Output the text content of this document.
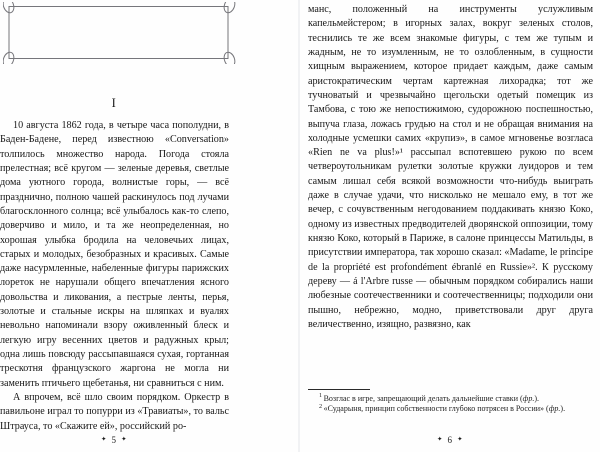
I

10 августа 1862 года, в четыре часа пополудни, в Баден-Бадене, перед известною «Conversation» толпилось множество народа. Погода стояла прелестная; всё кругом — зеленые деревья, светлые дома уютного города, волнистые горы, — всё празднично, полною чашей раскинулось под лучами благосклонного солнца; всё улыбалось как-то слепо, доверчиво и мило, и та же неопределенная, но хорошая улыбка бродила на человечьих лицах, старых и молодых, безобразных и красивых. Самые даже насурмленные, набеленные фигуры парижских лореток не нарушали общего впечатления ясного довольства и ликования, а пестрые ленты, перья, золотые и стальные искры на шляпках и вуалях невольно напоминали взору оживленный блеск и легкую игру весенних цветов и радужных крыл; одна лишь повсюду рассыпавшаяся сухая, гортанная трескотня французского жаргона не могла ни заменить птичьего щебетанья, ни сравниться с ним.

А впрочем, всё шло своим порядком. Оркестр в павильоне играл то попурри из «Травиаты», то вальс Штрауса, то «Скажите ей», российский ро-

✦ 5 ✦

манс, положенный на инструменты услужливым капельмейстером; в игорных залах, вокруг зеленых столов, теснились те же всем знакомые фигуры, с тем же тупым и жадным, не то изумленным, не то озлобленным, в сущности хищным выражением, которое придает каждым, даже самым аристократическим чертам картежная лихорадка; тот же тучноватый и чрезвычайно щегольски одетый помещик из Тамбова, с тою же непостижимою, судорожною поспешностью, выпуча глаза, ложась грудью на стол и не обращая внимания на холодные усмешки самих «крупиэ», в самое мгновенье возгласа «Rien ne va plus!»¹ рассыпал вспотевшею рукою по всем четвероутольникам рулетки золотые кружки луидоров и тем самым лишал себя всякой возможности что-нибудь выиграть даже в случае удачи, что нисколько не мешало ему, в тот же вечер, с сочувственным негодованием поддакивать князю Коко, одному из известных предводителей дворянской оппозиции, тому князю Коко, который в Париже, в салоне принцессы Матильды, в присутствии императора, так хорошо сказал: «Madame, le principe de la propriété est profondément ébranlé en Russie»². К русскому дереву — á l'Arbre russe — обычным порядком собирались наши любезные соотечественники и соотечественницы; подходили они пышно, небрежно, модно, приветствовали друг друга величественно, изящно, развязно, как

$^1$ Возглас в игре, запрещающий делать дальнейшие ставки (фр.).

$^2$ «Сударыня, принцип собственности глубоко потрясен в России» (фр.).

✦ 6 ✦
